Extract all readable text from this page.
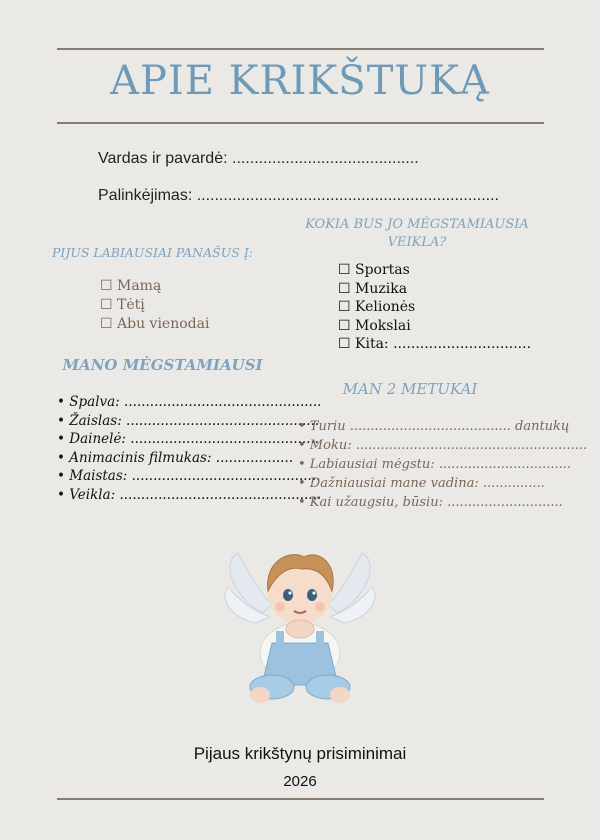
APIE KRIKŠTUKĄ
Vardas ir pavardė: ..........................................
Palinkėjimas: ....................................................................
PIJUS LABIAUSIAI PANAŠUS Į:
☐ Mamą
☐ Tėtį
☐ Abu vienodai
KOKIA BUS JO MĖGSTAMIAUSIA
VEIKLA?
☐ Sportas
☐ Muzika
☐ Kelionės
☐ Mokslai
☐ Kita: ...............................
MANO MĖGSTAMIAUSI
• Spalva: ..............................................
• Žaislas: .............................................
• Dainelė: ............................................
• Animacinis filmukas: ..................
• Maistas: ............................................
• Veikla: ...............................................
MAN 2 METUKAI
• Turiu ....................................... dantukų
• Moku: ........................................................
• Labiausiai mėgstu: ................................
• Dažniausiai mane vadina: ...............
• Kai užaugsiu, būsiu: ............................
Pijaus krikštynų prisiminimai
2026
